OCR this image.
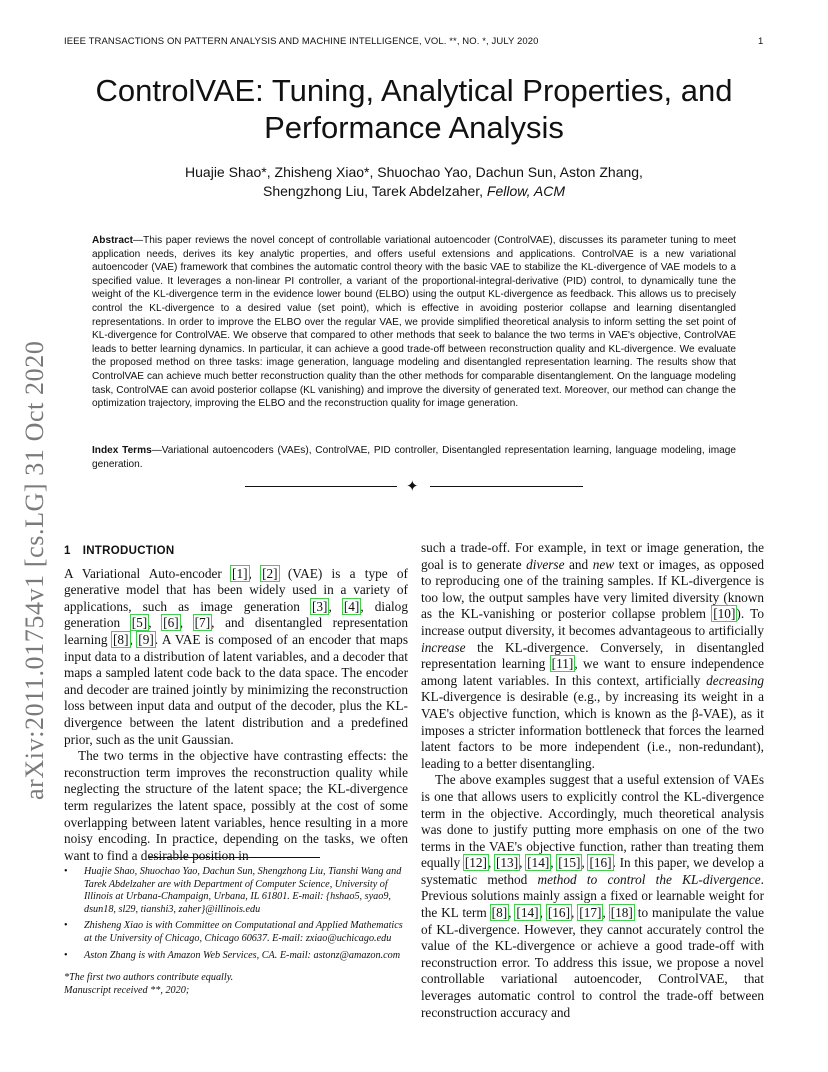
IEEE TRANSACTIONS ON PATTERN ANALYSIS AND MACHINE INTELLIGENCE, VOL. **, NO. *, JULY 2020	1
ControlVAE: Tuning, Analytical Properties, and
Performance Analysis
Huajie Shao*, Zhisheng Xiao*, Shuochao Yao, Dachun Sun, Aston Zhang,
Shengzhong Liu, Tarek Abdelzaher, Fellow, ACM
arXiv:2011.01754v1 [cs.LG] 31 Oct 2020
Abstract—This paper reviews the novel concept of controllable variational autoencoder (ControlVAE), discusses its parameter tuning to meet application needs, derives its key analytic properties, and offers useful extensions and applications. ControlVAE is a new variational autoencoder (VAE) framework that combines the automatic control theory with the basic VAE to stabilize the KL-divergence of VAE models to a specified value. It leverages a non-linear PI controller, a variant of the proportional-integral-derivative (PID) control, to dynamically tune the weight of the KL-divergence term in the evidence lower bound (ELBO) using the output KL-divergence as feedback. This allows us to precisely control the KL-divergence to a desired value (set point), which is effective in avoiding posterior collapse and learning disentangled representations. In order to improve the ELBO over the regular VAE, we provide simplified theoretical analysis to inform setting the set point of KL-divergence for ControlVAE. We observe that compared to other methods that seek to balance the two terms in VAE's objective, ControlVAE leads to better learning dynamics. In particular, it can achieve a good trade-off between reconstruction quality and KL-divergence. We evaluate the proposed method on three tasks: image generation, language modeling and disentangled representation learning. The results show that ControlVAE can achieve much better reconstruction quality than the other methods for comparable disentanglement. On the language modeling task, ControlVAE can avoid posterior collapse (KL vanishing) and improve the diversity of generated text. Moreover, our method can change the optimization trajectory, improving the ELBO and the reconstruction quality for image generation.
Index Terms—Variational autoencoders (VAEs), ControlVAE, PID controller, Disentangled representation learning, language modeling, image generation.
✦
1 INTRODUCTION

A Variational Auto-encoder [1], [2] (VAE) is a type of generative model that has been widely used in a variety of applications, such as image generation [3], [4], dialog generation [5], [6], [7], and disentangled representation learning [8], [9]. A VAE is composed of an encoder that maps input data to a distribution of latent variables, and a decoder that maps a sampled latent code back to the data space. The encoder and decoder are trained jointly by minimizing the reconstruction loss between input data and output of the decoder, plus the KL-divergence between the latent distribution and a predefined prior, such as the unit Gaussian.

The two terms in the objective have contrasting effects: the reconstruction term improves the reconstruction quality while neglecting the structure of the latent space; the KL-divergence term regularizes the latent space, possibly at the cost of some overlapping between latent variables, hence resulting in a more noisy encoding. In practice, depending on the tasks, we often want to find a desirable position in

• Huajie Shao, Shuochao Yao, Dachun Sun, Shengzhong Liu, Tianshi Wang and Tarek Abdelzaher are with Department of Computer Science, University of Illinois at Urbana-Champaign, Urbana, IL 61801. E-mail: {hshao5, syao9, dsun18, sl29, tianshi3, zaher}@illinois.edu
• Zhisheng Xiao is with Committee on Computational and Applied Mathematics at the University of Chicago, Chicago 60637. E-mail: zxiao@uchicago.edu
• Aston Zhang is with Amazon Web Services, CA. E-mail: astonz@amazon.com

*The first two authors contribute equally.

Manuscript received **, 2020;

such a trade-off. For example, in text or image generation, the goal is to generate diverse and new text or images, as opposed to reproducing one of the training samples. If KL-divergence is too low, the output samples have very limited diversity (known as the KL-vanishing or posterior collapse problem [10]). To increase output diversity, it becomes advantageous to artificially increase the KL-divergence. Conversely, in disentangled representation learning [11], we want to ensure independence among latent variables. In this context, artificially decreasing KL-divergence is desirable (e.g., by increasing its weight in a VAE's objective function, which is known as the β-VAE), as it imposes a stricter information bottleneck that forces the learned latent factors to be more independent (i.e., non-redundant), leading to a better disentangling.

The above examples suggest that a useful extension of VAEs is one that allows users to explicitly control the KL-divergence term in the objective. Accordingly, much theoretical analysis was done to justify putting more emphasis on one of the two terms in the VAE's objective function, rather than treating them equally [12], [13], [14], [15], [16]. In this paper, we develop a systematic method method to control the KL-divergence. Previous solutions mainly assign a fixed or learnable weight for the KL term [8], [14], [16], [17], [18] to manipulate the value of KL-divergence. However, they cannot accurately control the value of the KL-divergence or achieve a good trade-off with reconstruction error. To address this issue, we propose a novel controllable variational autoencoder, ControlVAE, that leverages automatic control to control the trade-off between reconstruction accuracy and
